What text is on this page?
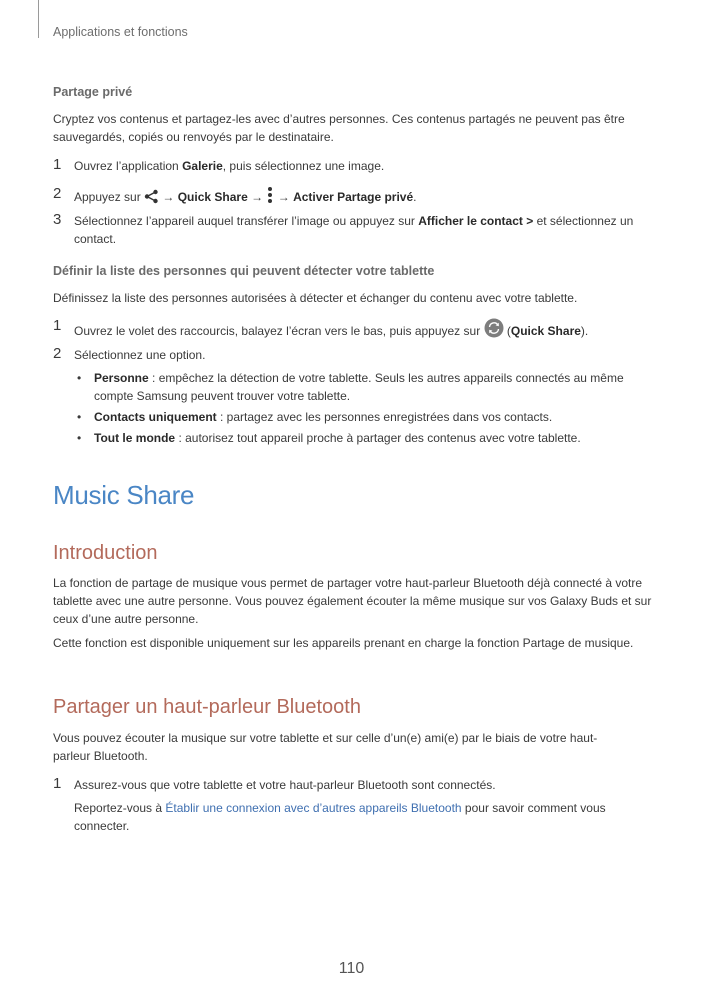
Applications et fonctions
Partage privé
Cryptez vos contenus et partagez-les avec d’autres personnes. Ces contenus partagés ne peuvent pas être sauvegardés, copiés ou renvoyés par le destinataire.
1 Ouvrez l’application Galerie, puis sélectionnez une image.
2 Appuyez sur  → Quick Share →  → Activer Partage privé.
3 Sélectionnez l’appareil auquel transférer l’image ou appuyez sur Afficher le contact > et sélectionnez un contact.
Définir la liste des personnes qui peuvent détecter votre tablette
Définissez la liste des personnes autorisées à détecter et échanger du contenu avec votre tablette.
1 Ouvrez le volet des raccourcis, balayez l’écran vers le bas, puis appuyez sur  (Quick Share).
2 Sélectionnez une option.
• Personne : empêchez la détection de votre tablette. Seuls les autres appareils connectés au même compte Samsung peuvent trouver votre tablette.
• Contacts uniquement : partagez avec les personnes enregistrées dans vos contacts.
• Tout le monde : autorisez tout appareil proche à partager des contenus avec votre tablette.
Music Share
Introduction
La fonction de partage de musique vous permet de partager votre haut-parleur Bluetooth déjà connecté à votre tablette avec une autre personne. Vous pouvez également écouter la même musique sur vos Galaxy Buds et sur ceux d’une autre personne.
Cette fonction est disponible uniquement sur les appareils prenant en charge la fonction Partage de musique.
Partager un haut-parleur Bluetooth
Vous pouvez écouter la musique sur votre tablette et sur celle d’un(e) ami(e) par le biais de votre haut-parleur Bluetooth.
1 Assurez-vous que votre tablette et votre haut-parleur Bluetooth sont connectés.
Reportez-vous à Établir une connexion avec d’autres appareils Bluetooth pour savoir comment vous connecter.
110
